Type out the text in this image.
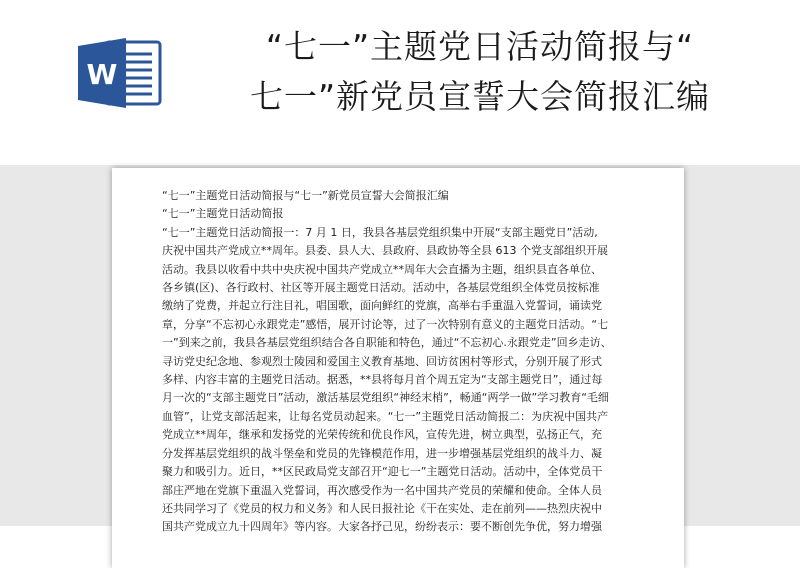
W
“七一”主题党日活动简报与“
七一”新党员宣誓大会简报汇编

“七一”主题党日活动简报与“七一”新党员宣誓大会简报汇编

“七一”主题党日活动简报

“七一”主题党日活动简报一：7 月 1 日，我县各基层党组织集中开展“支部主题党日”活动,

庆祝中国共产党成立**周年。县委、县人大、县政府、县政协等全县 613 个党支部组织开展

活动。我县以收看中共中央庆祝中国共产党成立**周年大会直播为主题，组织县直各单位、

各乡镇(区)、各行政村、社区等开展主题党日活动。活动中，各基层党组织全体党员按标准

缴纳了党费，并起立行注目礼，唱国歌，面向鲜红的党旗，高举右手重温入党誓词，诵读党

章，分享“不忘初心永跟党走”感悟，展开讨论等，过了一次特别有意义的主题党日活动。“七

一”到来之前，我县各基层党组织结合各自职能和特色，通过“不忘初心.永跟党走”回乡走访、

寻访党史纪念地、参观烈士陵园和爱国主义教育基地、回访贫困村等形式，分别开展了形式

多样、内容丰富的主题党日活动。据悉，**县将每月首个周五定为“支部主题党日”，通过每

月一次的“支部主题党日”活动，激活基层党组织“神经末梢”，畅通“两学一做”学习教育“毛细

血管”，让党支部活起来，让每名党员动起来。“七一”主题党日活动简报二：为庆祝中国共产

党成立**周年，继承和发扬党的光荣传统和优良作风，宣传先进，树立典型，弘扬正气，充

分发挥基层党组织的战斗堡垒和党员的先锋模范作用，进一步增强基层党组织的战斗力、凝

聚力和吸引力。近日，**区民政局党支部召开“迎七一”主题党日活动。活动中，全体党员干

部庄严地在党旗下重温入党誓词，再次感受作为一名中国共产党员的荣耀和使命。全体人员

还共同学习了《党员的权力和义务》和人民日报社论《干在实处、走在前列——热烈庆祝中

国共产党成立九十四周年》等内容。大家各抒己见，纷纷表示：要不断创先争优，努力增强
